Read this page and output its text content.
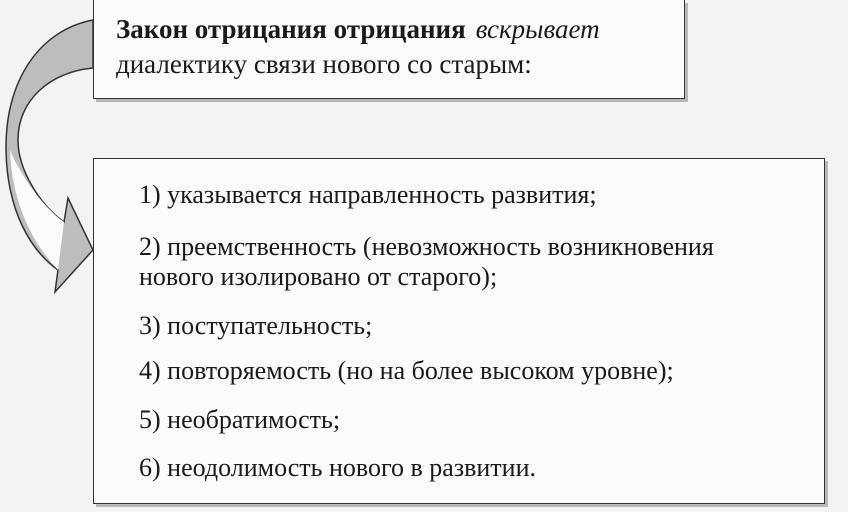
Закон отрицания отрицания вскрывает
диалектику связи нового со старым:
1) указывается направленность развития;
2) преемственность (невозможность возникновения
нового изолировано от старого);
3) поступательность;
4) повторяемость (но на более высоком уровне);
5) необратимость;
6) неодолимость нового в развитии.
